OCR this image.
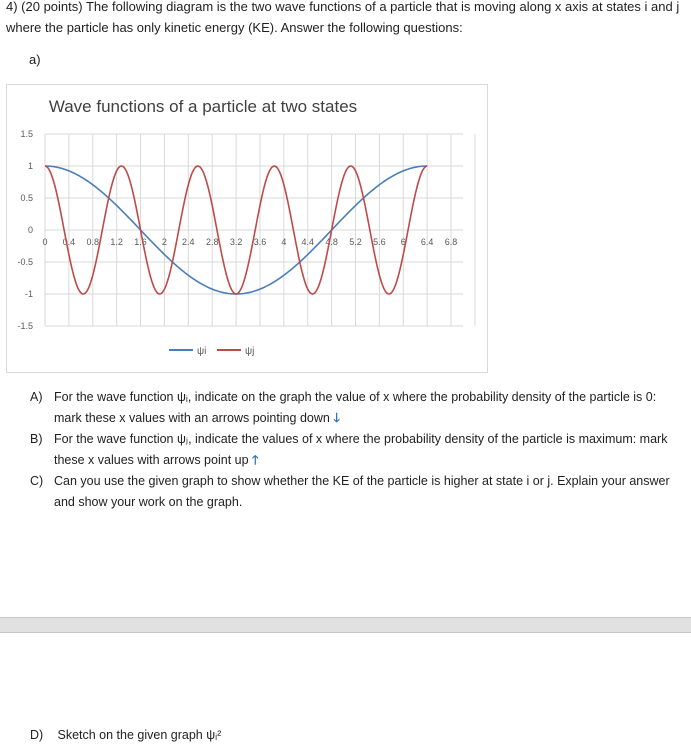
4) (20 points) The following diagram is the two wave functions of a particle that is moving along x axis at states i and j where the particle has only kinetic energy (KE). Answer the following questions:
a)
Wave functions of a particle at two states
1.5
1
0.5
0
-0.5
-1
-1.5
0 0.4 0.8 1.2 1.6 2 2.4 2.8 3.2 3.6 4 4.4 4.8 5.2 5.6 6 6.4 6.8
ψi	ψj
A) For the wave function ψᵢ, indicate on the graph the value of x where the probability density of the particle is 0: mark these x values with an arrows pointing down 🡓
B) For the wave function ψⱼ, indicate the values of x where the probability density of the particle is maximum: mark these x values with arrows point up 🡑
C) Can you use the given graph to show whether the KE of the particle is higher at state i or j. Explain your answer and show your work on the graph.
D) Sketch on the given graph ψᵢ²
